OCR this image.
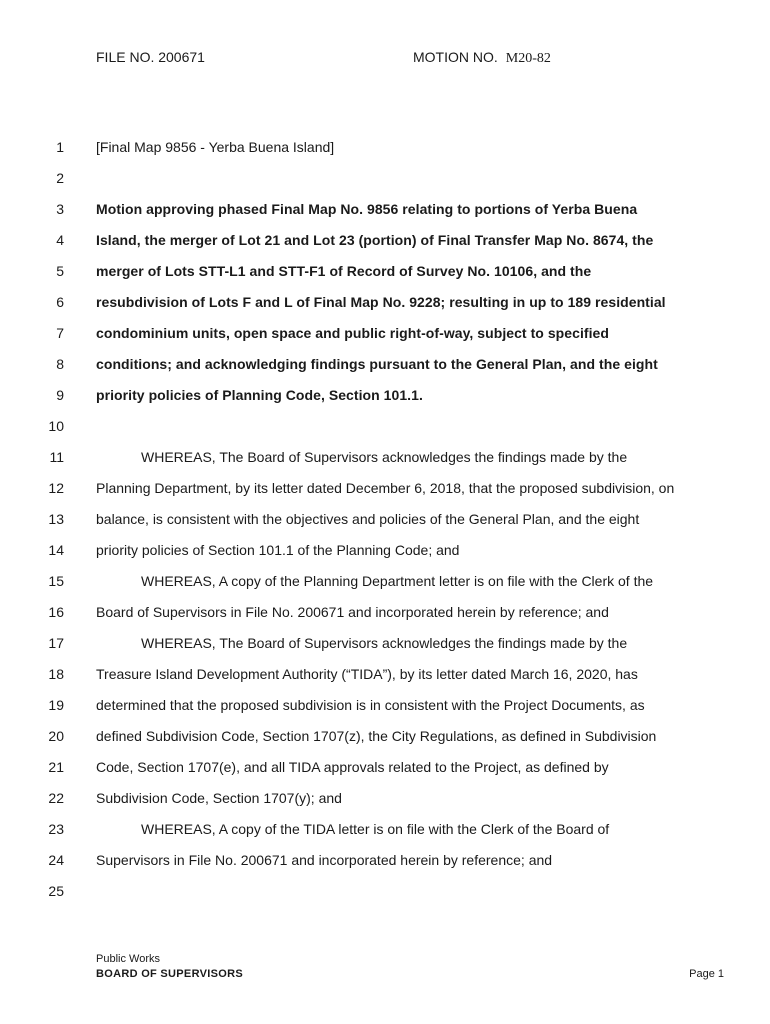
FILE NO. 200671	MOTION NO. M20-82
1
2
3
4
5
6
7
8
9
10
11
12
13
14
15
16
17
18
19
20
21
22
23
24
25
[Final Map 9856 - Yerba Buena Island]
Motion approving phased Final Map No. 9856 relating to portions of Yerba Buena
Island, the merger of Lot 21 and Lot 23 (portion) of Final Transfer Map No. 8674, the
merger of Lots STT-L1 and STT-F1 of Record of Survey No. 10106, and the
resubdivision of Lots F and L of Final Map No. 9228; resulting in up to 189 residential
condominium units, open space and public right-of-way, subject to specified
conditions; and acknowledging findings pursuant to the General Plan, and the eight
priority policies of Planning Code, Section 101.1.
WHEREAS, The Board of Supervisors acknowledges the findings made by the
Planning Department, by its letter dated December 6, 2018, that the proposed subdivision, on
balance, is consistent with the objectives and policies of the General Plan, and the eight
priority policies of Section 101.1 of the Planning Code; and
WHEREAS, A copy of the Planning Department letter is on file with the Clerk of the
Board of Supervisors in File No. 200671 and incorporated herein by reference; and
WHEREAS, The Board of Supervisors acknowledges the findings made by the
Treasure Island Development Authority (“TIDA”), by its letter dated March 16, 2020, has
determined that the proposed subdivision is in consistent with the Project Documents, as
defined Subdivision Code, Section 1707(z), the City Regulations, as defined in Subdivision
Code, Section 1707(e), and all TIDA approvals related to the Project, as defined by
Subdivision Code, Section 1707(y); and
WHEREAS, A copy of the TIDA letter is on file with the Clerk of the Board of
Supervisors in File No. 200671 and incorporated herein by reference; and
Public Works
BOARD OF SUPERVISORS	Page 1
